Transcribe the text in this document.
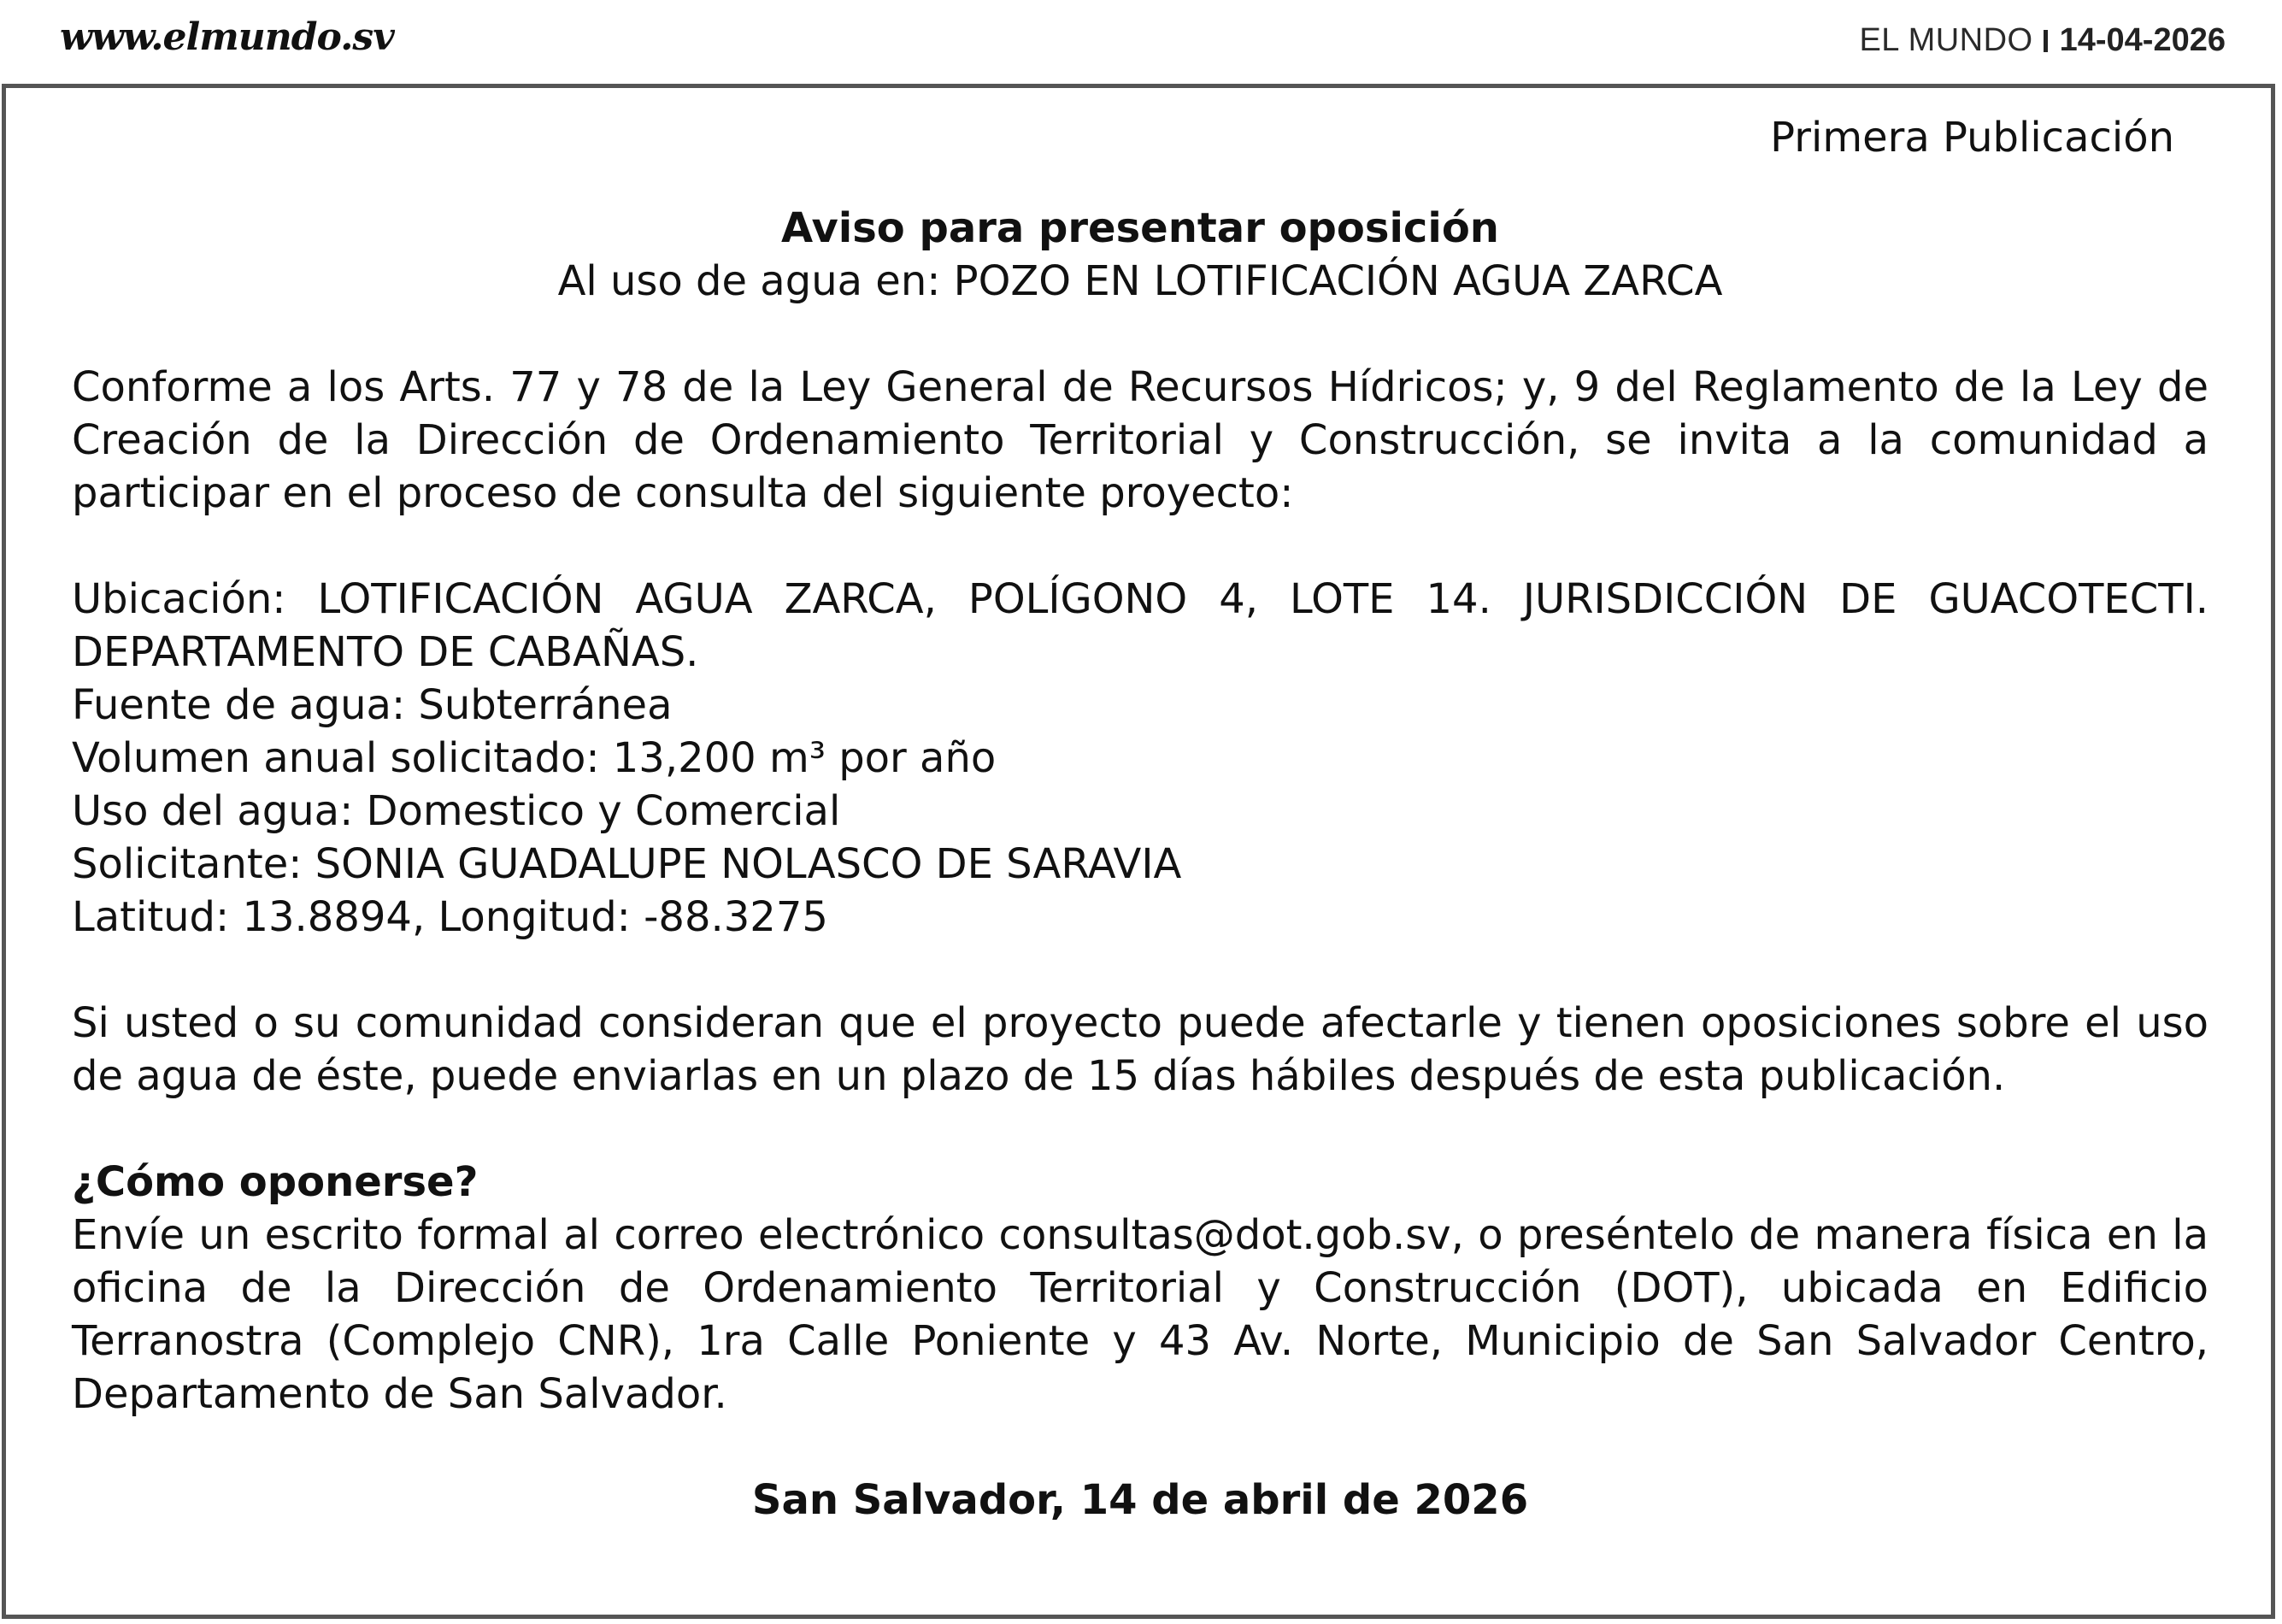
www.elmundo.sv	EL MUNDO 14-04-2026

Primera Publicación

Aviso para presentar oposición

Al uso de agua en: POZO EN LOTIFICACIÓN AGUA ZARCA

Conforme a los Arts. 77 y 78 de la Ley General de Recursos Hídricos; y, 9 del Reglamento de la Ley de Creación de la Dirección de Ordenamiento Territorial y Construcción, se invita a la comunidad a participar en el proceso de consulta del siguiente proyecto:

Ubicación: LOTIFICACIÓN AGUA ZARCA, POLÍGONO 4, LOTE 14. JURISDICCIÓN DE GUACOTECTI. DEPARTAMENTO DE CABAÑAS.

Fuente de agua: Subterránea

Volumen anual solicitado: 13,200 m³ por año

Uso del agua: Domestico y Comercial

Solicitante: SONIA GUADALUPE NOLASCO DE SARAVIA

Latitud: 13.8894, Longitud: -88.3275

Si usted o su comunidad consideran que el proyecto puede afectarle y tienen oposiciones sobre el uso de agua de éste, puede enviarlas en un plazo de 15 días hábiles después de esta publicación.

¿Cómo oponerse?

Envíe un escrito formal al correo electrónico consultas@dot.gob.sv, o preséntelo de manera física en la oficina de la Dirección de Ordenamiento Territorial y Construcción (DOT), ubicada en Edificio Terranostra (Complejo CNR), 1ra Calle Poniente y 43 Av. Norte, Municipio de San Salvador Centro, Departamento de San Salvador.

San Salvador, 14 de abril de 2026
